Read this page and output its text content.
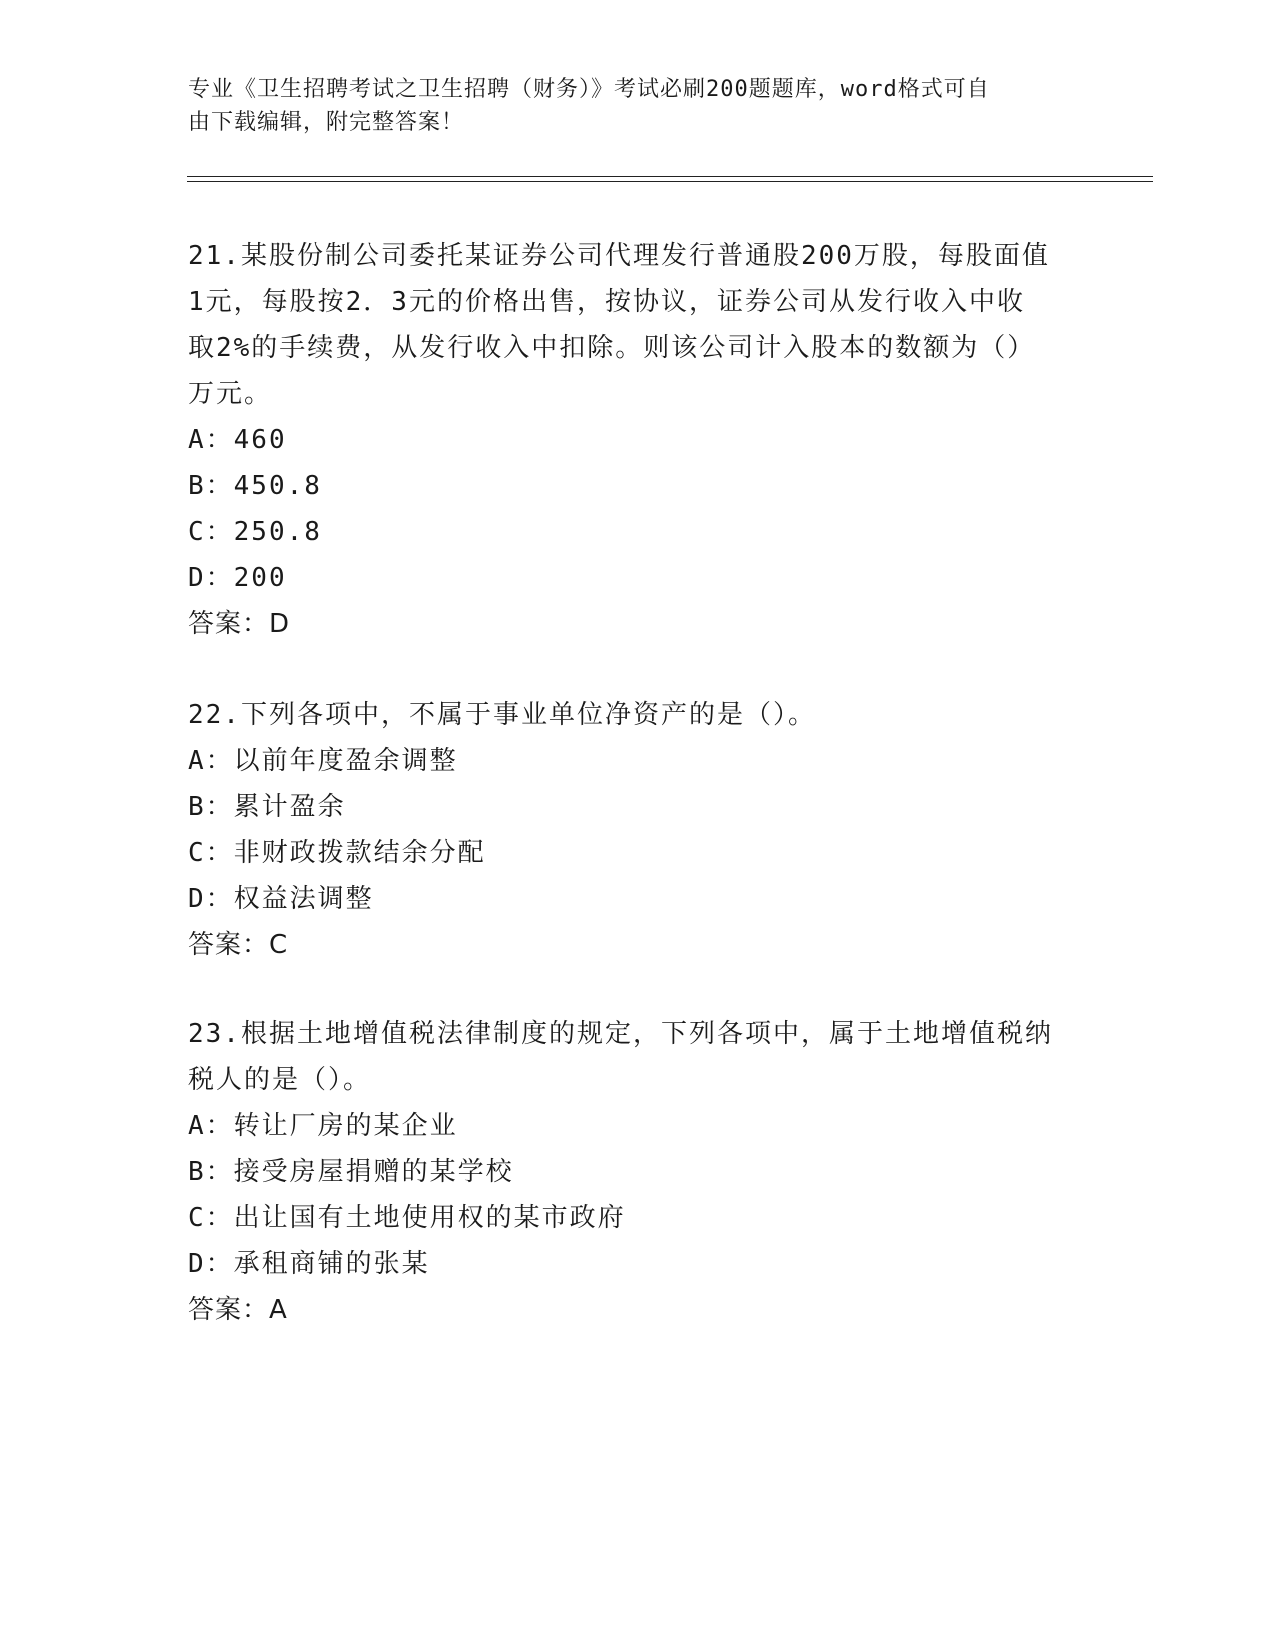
专业《卫生招聘考试之卫生招聘（财务）》考试必刷200题题库，word格式可自
由下载编辑，附完整答案！

21.某股份制公司委托某证券公司代理发行普通股200万股，每股面值

1元，每股按2．3元的价格出售，按协议，证券公司从发行收入中收

取2%的手续费，从发行收入中扣除。则该公司计入股本的数额为（）

万元。

A：460

B：450.8

C：250.8

D：200

答案：D

22.下列各项中，不属于事业单位净资产的是（）。

A：以前年度盈余调整

B：累计盈余

C：非财政拨款结余分配

D：权益法调整

答案：C

23.根据土地增值税法律制度的规定，下列各项中，属于土地增值税纳

税人的是（）。

A：转让厂房的某企业

B：接受房屋捐赠的某学校

C：出让国有土地使用权的某市政府

D：承租商铺的张某

答案：A
